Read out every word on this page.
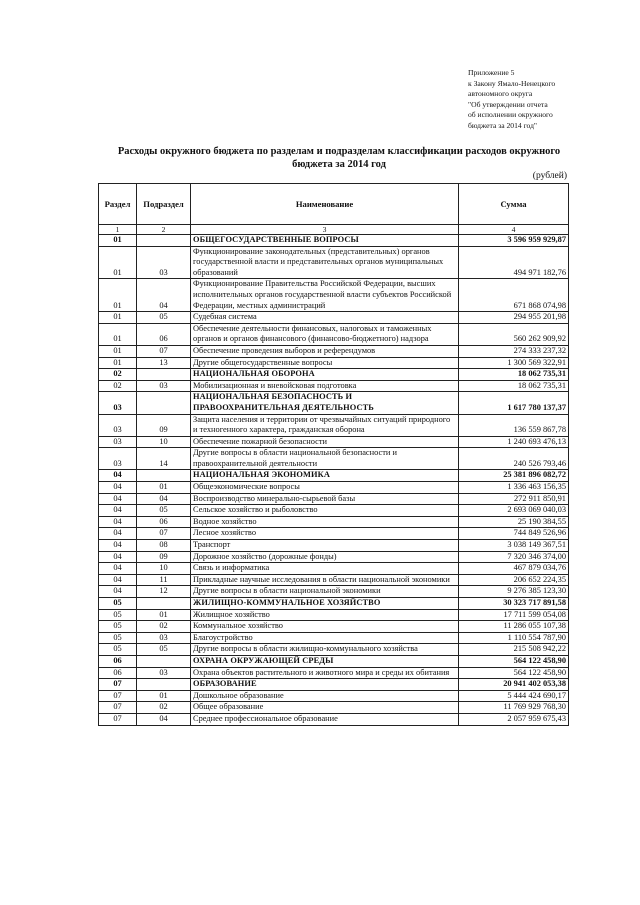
Приложение 5
к Закону Ямало-Ненецкого
автономного округа
"Об утверждении отчета
об исполнении окружного
бюджета за 2014 год"
Расходы окружного бюджета по разделам и подразделам классификации расходов окружного
бюджета за 2014 год
(рублей)
Раздел	Подраздел	Наименование	Сумма
1	2	3	4
01		ОБЩЕГОСУДАРСТВЕННЫЕ ВОПРОСЫ	3 596 959 929,87
01	03	Функционирование законодательных (представительных) органов государственной власти и представительных органов муниципальных образований	494 971 182,76
01	04	Функционирование Правительства Российской Федерации, высших исполнительных органов государственной власти субъектов Российской Федерации, местных администраций	671 868 074,98
01	05	Судебная система	294 955 201,98
01	06	Обеспечение деятельности финансовых, налоговых и таможенных органов и органов финансового (финансово-бюджетного) надзора	560 262 909,92
01	07	Обеспечение проведения выборов и референдумов	274 333 237,32
01	13	Другие общегосударственные вопросы	1 300 569 322,91
02		НАЦИОНАЛЬНАЯ ОБОРОНА	18 062 735,31
02	03	Мобилизационная и вневойсковая подготовка	18 062 735,31
03		НАЦИОНАЛЬНАЯ БЕЗОПАСНОСТЬ И ПРАВООХРАНИТЕЛЬНАЯ ДЕЯТЕЛЬНОСТЬ	1 617 780 137,37
03	09	Защита населения и территории от чрезвычайных ситуаций природного и техногенного характера, гражданская оборона	136 559 867,78
03	10	Обеспечение пожарной безопасности	1 240 693 476,13
03	14	Другие вопросы в области национальной безопасности и правоохранительной деятельности	240 526 793,46
04		НАЦИОНАЛЬНАЯ ЭКОНОМИКА	25 381 896 082,72
04	01	Общеэкономические вопросы	1 336 463 156,35
04	04	Воспроизводство минерально-сырьевой базы	272 911 850,91
04	05	Сельское хозяйство и рыболовство	2 693 069 040,03
04	06	Водное хозяйство	25 190 384,55
04	07	Лесное хозяйство	744 849 526,96
04	08	Транспорт	3 038 149 367,51
04	09	Дорожное хозяйство (дорожные фонды)	7 320 346 374,00
04	10	Связь и информатика	467 879 034,76
04	11	Прикладные научные исследования в области национальной экономики	206 652 224,35
04	12	Другие вопросы в области национальной экономики	9 276 385 123,30
05		ЖИЛИЩНО-КОММУНАЛЬНОЕ ХОЗЯЙСТВО	30 323 717 891,58
05	01	Жилищное хозяйство	17 711 599 054,08
05	02	Коммунальное хозяйство	11 286 055 107,38
05	03	Благоустройство	1 110 554 787,90
05	05	Другие вопросы в области жилищно-коммунального хозяйства	215 508 942,22
06		ОХРАНА ОКРУЖАЮЩЕЙ СРЕДЫ	564 122 458,90
06	03	Охрана объектов растительного и животного мира и среды их обитания	564 122 458,90
07		ОБРАЗОВАНИЕ	20 941 402 053,38
07	01	Дошкольное образование	5 444 424 690,17
07	02	Общее образование	11 769 929 768,30
07	04	Среднее профессиональное образование	2 057 959 675,43
